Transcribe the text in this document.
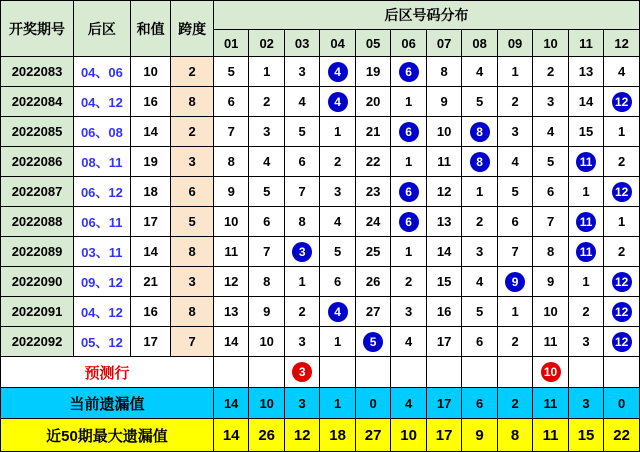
开奖期号	后区	和值	跨度	后区号码分布											
				01	02	03	04	05	06	07	08	09	10	11	12
2022083	04、06	10	2	5	1	3	4	19	6	8	4	1	2	13	4
2022084	04、12	16	8	6	2	4	4	20	1	9	5	2	3	14	12
2022085	06、08	14	2	7	3	5	1	21	6	10	8	3	4	15	1
2022086	08、11	19	3	8	4	6	2	22	1	11	8	4	5	11	2
2022087	06、12	18	6	9	5	7	3	23	6	12	1	5	6	1	12
2022088	06、11	17	5	10	6	8	4	24	6	13	2	6	7	11	1
2022089	03、11	14	8	11	7	3	5	25	1	14	3	7	8	11	2
2022090	09、12	21	3	12	8	1	6	26	2	15	4	9	9	1	12
2022091	04、12	16	8	13	9	2	4	27	3	16	5	1	10	2	12
2022092	05、12	17	7	14	10	3	1	5	4	17	6	2	11	3	12
预测行						3							10		
当前遗漏值				14	10	3	1	0	4	17	6	2	11	3	0
近50期最大遗漏值				14	26	12	18	27	10	17	9	8	11	15	22
